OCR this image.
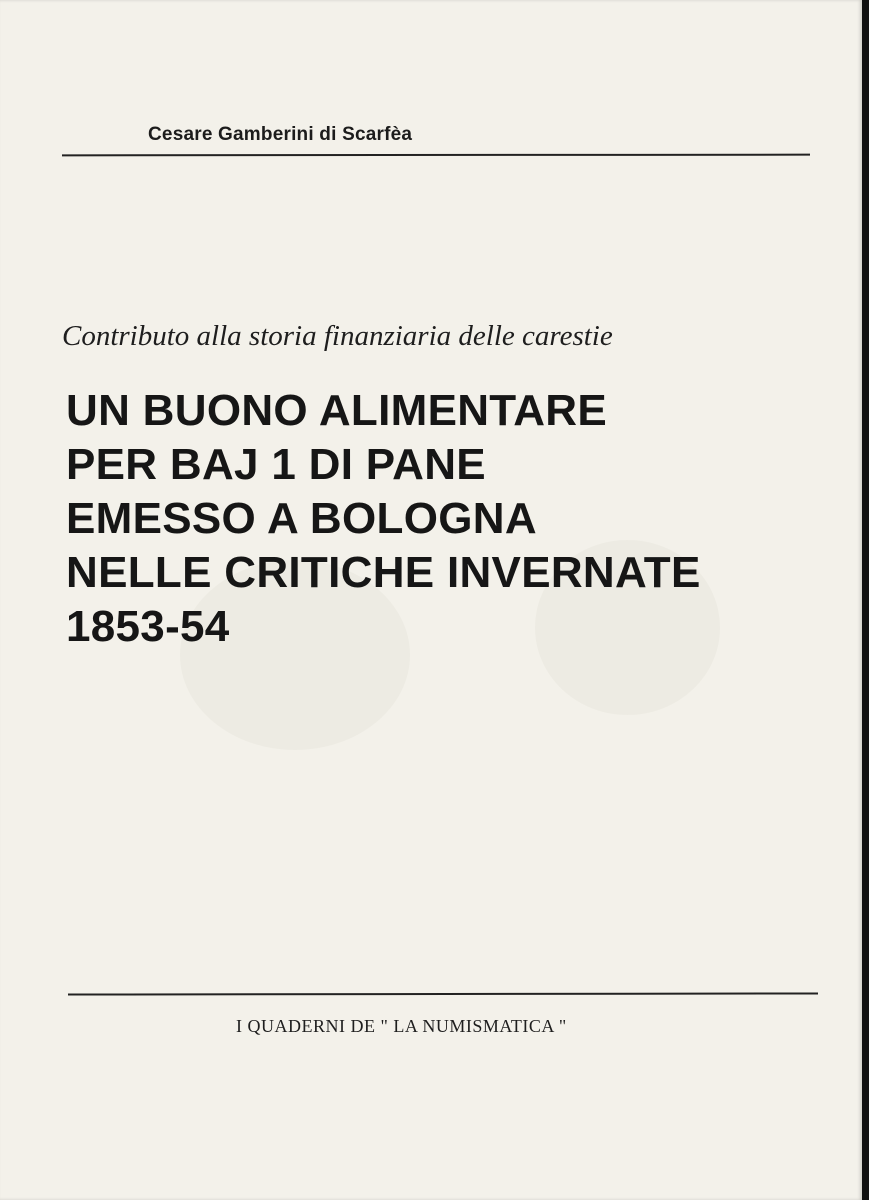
Cesare Gamberini di Scarfèa
Contributo alla storia finanziaria delle carestie
UN BUONO ALIMENTARE
PER BAJ 1 DI PANE
EMESSO A BOLOGNA
NELLE CRITICHE INVERNATE
1853-54
I QUADERNI DE " LA NUMISMATICA "
